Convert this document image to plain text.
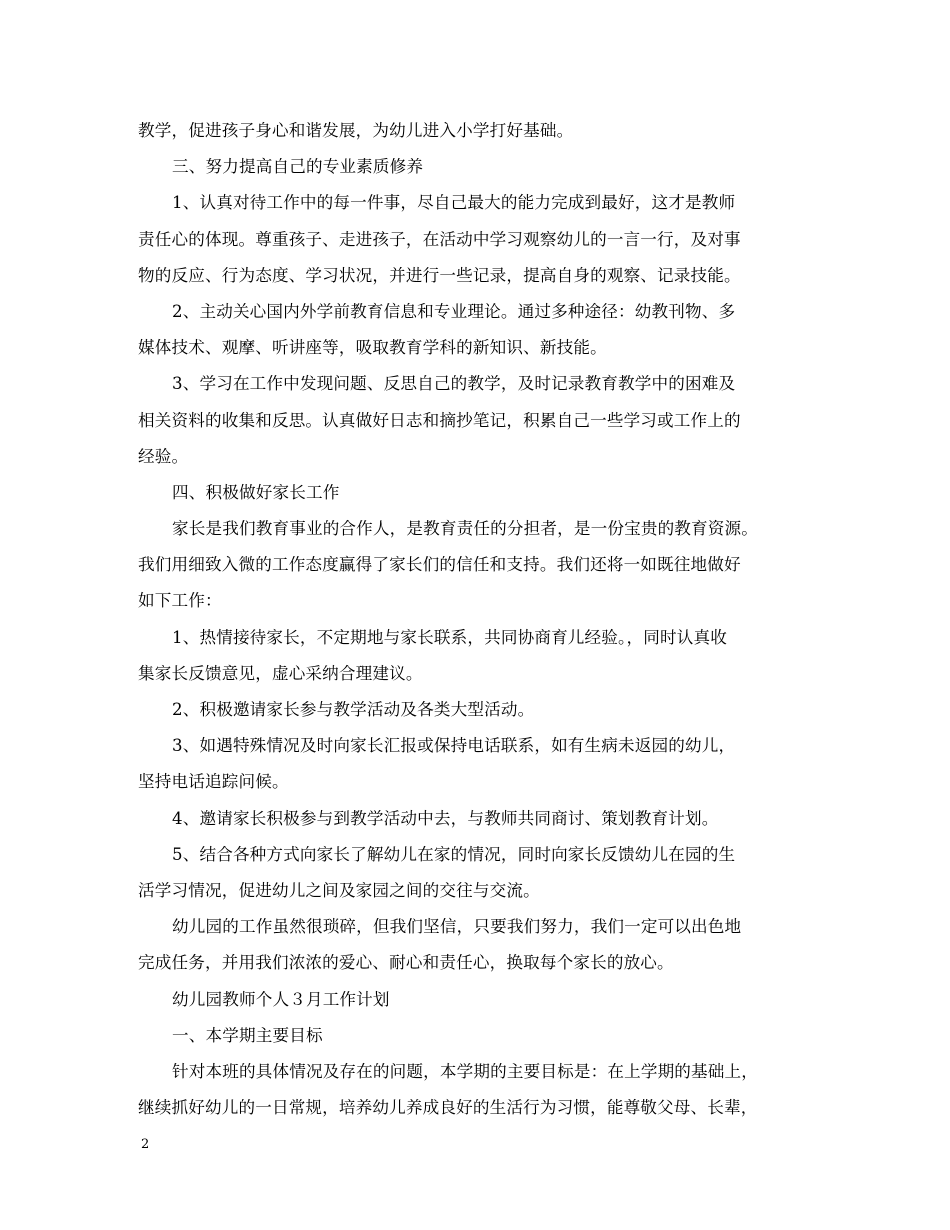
教学，促进孩子身心和谐发展，为幼儿进入小学打好基础。
三、努力提高自己的专业素质修养
1、认真对待工作中的每一件事，尽自己最大的能力完成到最好，这才是教师
责任心的体现。尊重孩子、走进孩子，在活动中学习观察幼儿的一言一行，及对事
物的反应、行为态度、学习状况，并进行一些记录，提高自身的观察、记录技能。
2、主动关心国内外学前教育信息和专业理论。通过多种途径：幼教刊物、多
媒体技术、观摩、听讲座等，吸取教育学科的新知识、新技能。
3、学习在工作中发现问题、反思自己的教学，及时记录教育教学中的困难及
相关资料的收集和反思。认真做好日志和摘抄笔记，积累自己一些学习或工作上的
经验。
四、积极做好家长工作
家长是我们教育事业的合作人，是教育责任的分担者，是一份宝贵的教育资源。
我们用细致入微的工作态度赢得了家长们的信任和支持。我们还将一如既往地做好
如下工作：
1、热情接待家长，不定期地与家长联系，共同协商育儿经验。，同时认真收
集家长反馈意见，虚心采纳合理建议。
2、积极邀请家长参与教学活动及各类大型活动。
3、如遇特殊情况及时向家长汇报或保持电话联系，如有生病未返园的幼儿，
坚持电话追踪问候。
4、邀请家长积极参与到教学活动中去，与教师共同商讨、策划教育计划。
5、结合各种方式向家长了解幼儿在家的情况，同时向家长反馈幼儿在园的生
活学习情况，促进幼儿之间及家园之间的交往与交流。
幼儿园的工作虽然很琐碎，但我们坚信，只要我们努力，我们一定可以出色地
完成任务，并用我们浓浓的爱心、耐心和责任心，换取每个家长的放心。
幼儿园教师个人３月工作计划
一、本学期主要目标
针对本班的具体情况及存在的问题，本学期的主要目标是：在上学期的基础上，
继续抓好幼儿的一日常规，培养幼儿养成良好的生活行为习惯，能尊敬父母、长辈，
2
